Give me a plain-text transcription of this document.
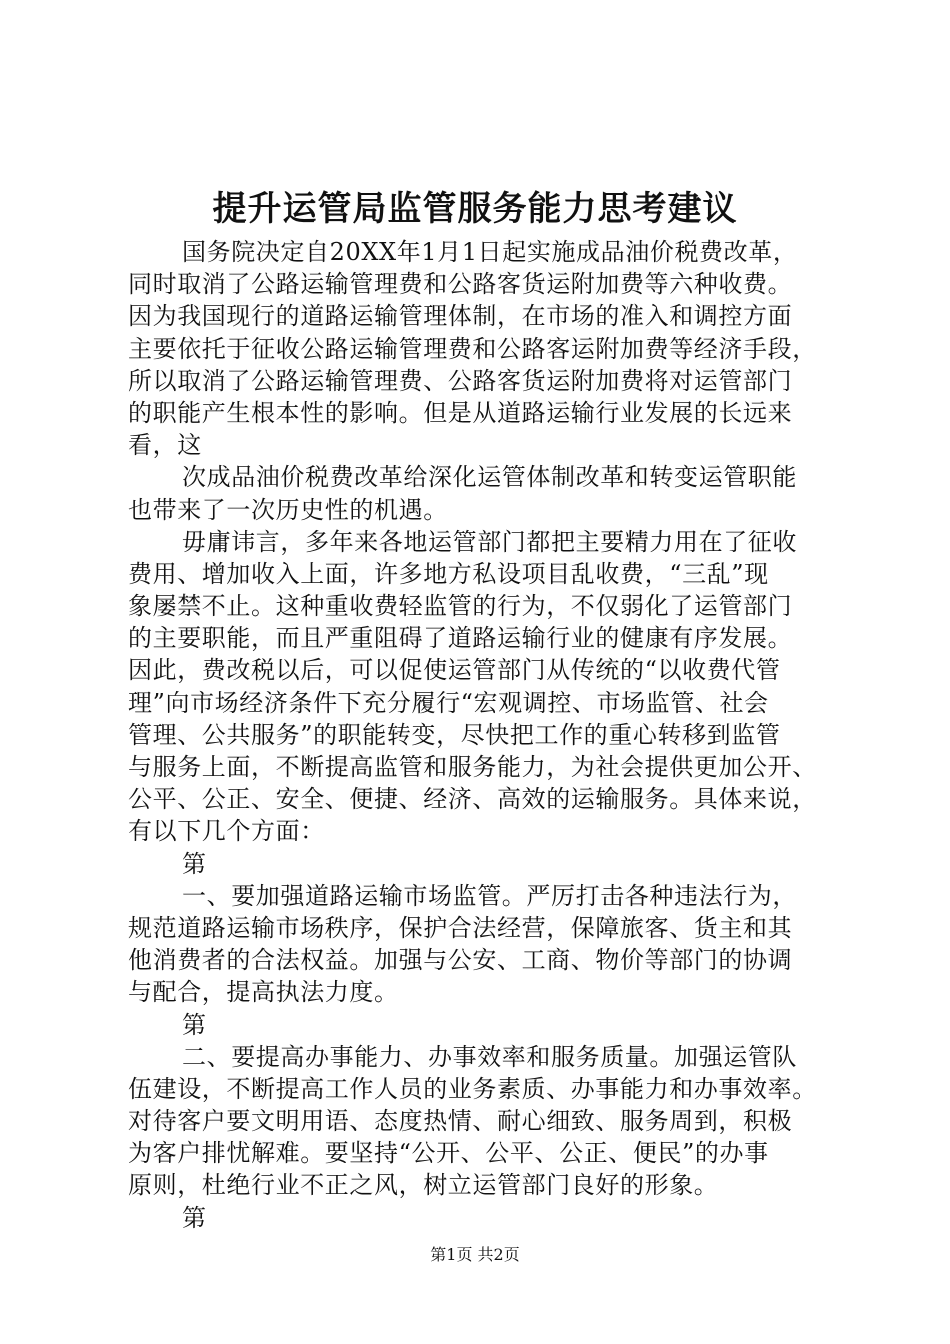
提升运管局监管服务能力思考建议
国务院决定自20XX年1月1日起实施成品油价税费改革，
同时取消了公路运输管理费和公路客货运附加费等六种收费。
因为我国现行的道路运输管理体制，在市场的准入和调控方面
主要依托于征收公路运输管理费和公路客运附加费等经济手段，
所以取消了公路运输管理费、公路客货运附加费将对运管部门
的职能产生根本性的影响。但是从道路运输行业发展的长远来
看，这
次成品油价税费改革给深化运管体制改革和转变运管职能
也带来了一次历史性的机遇。
毋庸讳言，多年来各地运管部门都把主要精力用在了征收
费用、增加收入上面，许多地方私设项目乱收费，“三乱”现
象屡禁不止。这种重收费轻监管的行为，不仅弱化了运管部门
的主要职能，而且严重阻碍了道路运输行业的健康有序发展。
因此，费改税以后，可以促使运管部门从传统的“以收费代管
理”向市场经济条件下充分履行“宏观调控、市场监管、社会
管理、公共服务”的职能转变，尽快把工作的重心转移到监管
与服务上面，不断提高监管和服务能力，为社会提供更加公开、
公平、公正、安全、便捷、经济、高效的运输服务。具体来说，
有以下几个方面：
第
一、要加强道路运输市场监管。严厉打击各种违法行为，
规范道路运输市场秩序，保护合法经营，保障旅客、货主和其
他消费者的合法权益。加强与公安、工商、物价等部门的协调
与配合，提高执法力度。
第
二、要提高办事能力、办事效率和服务质量。加强运管队
伍建设，不断提高工作人员的业务素质、办事能力和办事效率。
对待客户要文明用语、态度热情、耐心细致、服务周到，积极
为客户排忧解难。要坚持“公开、公平、公正、便民”的办事
原则，杜绝行业不正之风，树立运管部门良好的形象。
第
第1页 共2页
